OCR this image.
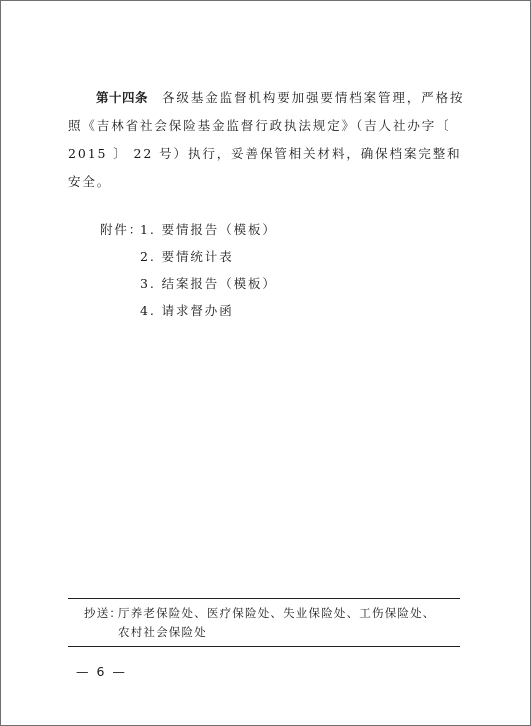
第十四条 各级基金监督机构要加强要情档案管理，严格按
照《吉林省社会保险基金监督行政执法规定》（吉人社办字〔
2015 〕 22 号）执行，妥善保管相关材料，确保档案完整和
安全。
附件：1. 要情报告（模板）
2. 要情统计表
3. 结案报告（模板）
4. 请求督办函
抄送：厅养老保险处、医疗保险处、失业保险处、工伤保险处、
农村社会保险处
— 6 —
